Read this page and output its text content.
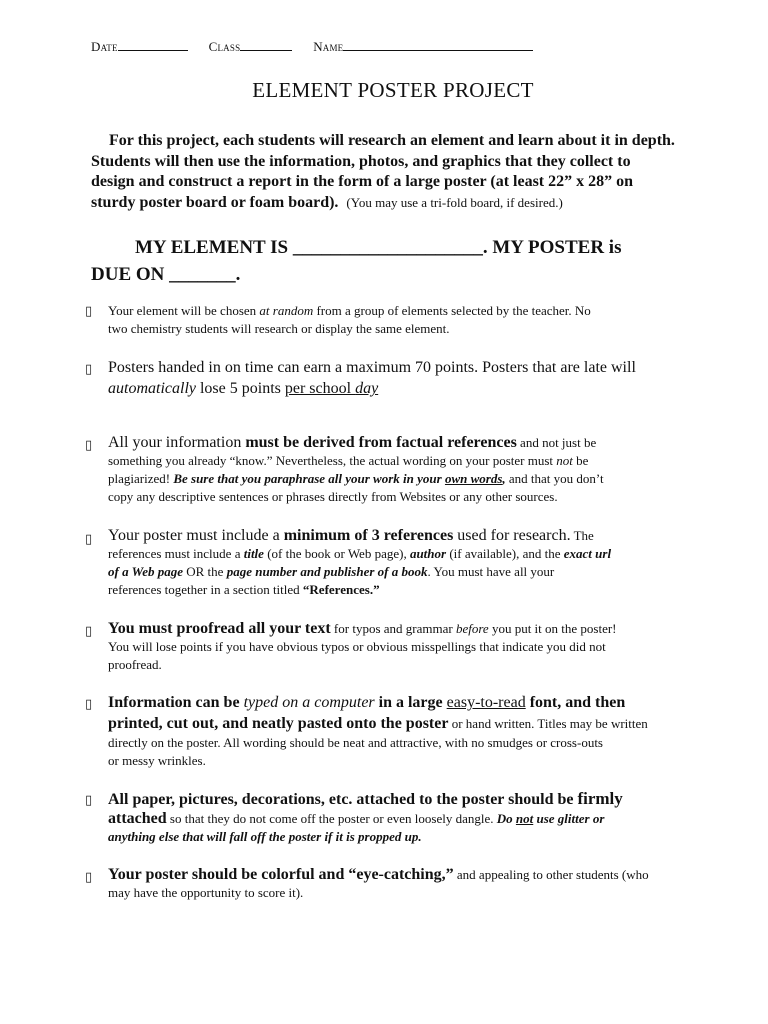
Date	Class	Name
ELEMENT POSTER PROJECT
For this project, each students will research an element and learn about it in depth.
Students will then use the information, photos, and graphics that they collect to
design and construct a report in the form of a large poster (at least 22” x 28” on
sturdy poster board or foam board). (You may use a tri-fold board, if desired.)
MY ELEMENT IS ____________________. MY POSTER is
DUE ON _______.
▯ Your element will be chosen at random from a group of elements selected by the teacher. No
two chemistry students will research or display the same element.
▯ Posters handed in on time can earn a maximum 70 points. Posters that are late will
automatically lose 5 points per school day
▯ All your information must be derived from factual references and not just be
something you already “know.” Nevertheless, the actual wording on your poster must not be
plagiarized! Be sure that you paraphrase all your work in your own words, and that you don’t
copy any descriptive sentences or phrases directly from Websites or any other sources.
▯ Your poster must include a minimum of 3 references used for research. The
references must include a title (of the book or Web page), author (if available), and the exact url
of a Web page OR the page number and publisher of a book. You must have all your
references together in a section titled “References.”
▯ You must proofread all your text for typos and grammar before you put it on the poster!
You will lose points if you have obvious typos or obvious misspellings that indicate you did not
proofread.
▯ Information can be typed on a computer in a large easy-to-read font, and then
printed, cut out, and neatly pasted onto the poster or hand written. Titles may be written
directly on the poster. All wording should be neat and attractive, with no smudges or cross-outs
or messy wrinkles.
▯ All paper, pictures, decorations, etc. attached to the poster should be firmly
attached so that they do not come off the poster or even loosely dangle. Do not use glitter or
anything else that will fall off the poster if it is propped up.
▯ Your poster should be colorful and “eye-catching,” and appealing to other students (who
may have the opportunity to score it).
